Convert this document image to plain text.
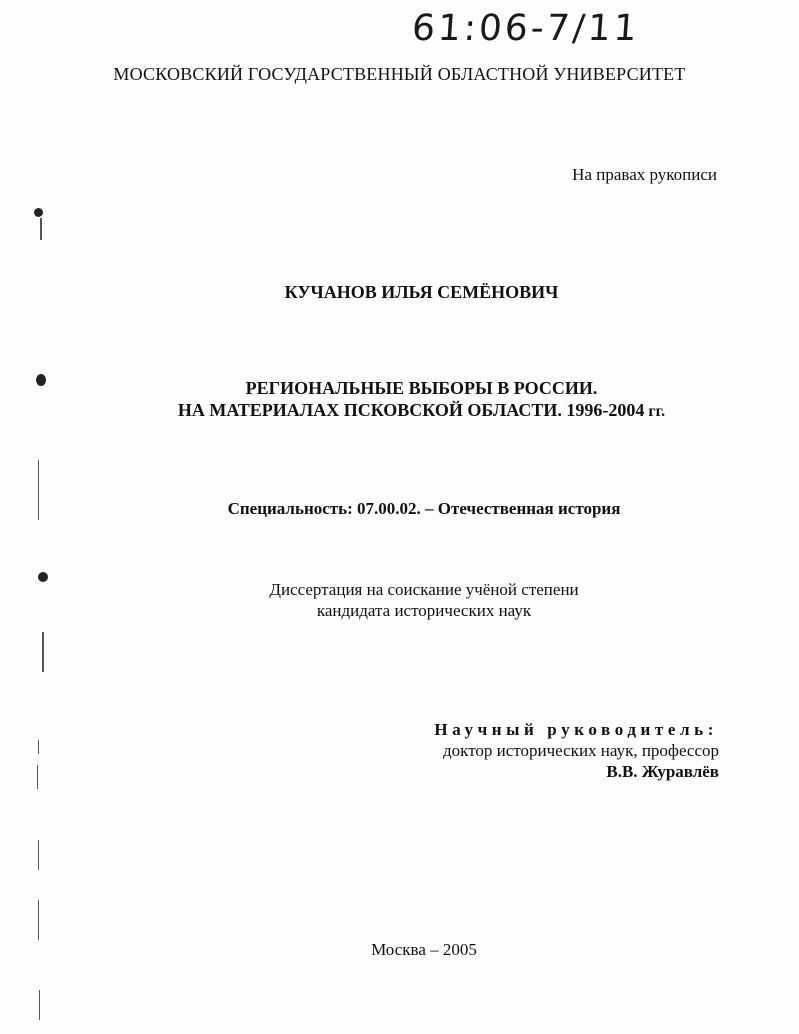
61:06-7/11
МОСКОВСКИЙ ГОСУДАРСТВЕННЫЙ ОБЛАСТНОЙ УНИВЕРСИТЕТ
На правах рукописи
КУЧАНОВ ИЛЬЯ СЕМЁНОВИЧ
РЕГИОНАЛЬНЫЕ ВЫБОРЫ В РОССИИ.
НА МАТЕРИАЛАХ ПСКОВСКОЙ ОБЛАСТИ. 1996-2004 гг.
Специальность: 07.00.02. – Отечественная история
Диссертация на соискание учёной степени
кандидата исторических наук
Научный руководитель:
доктор исторических наук, профессор
В.В. Журавлёв
Москва – 2005
